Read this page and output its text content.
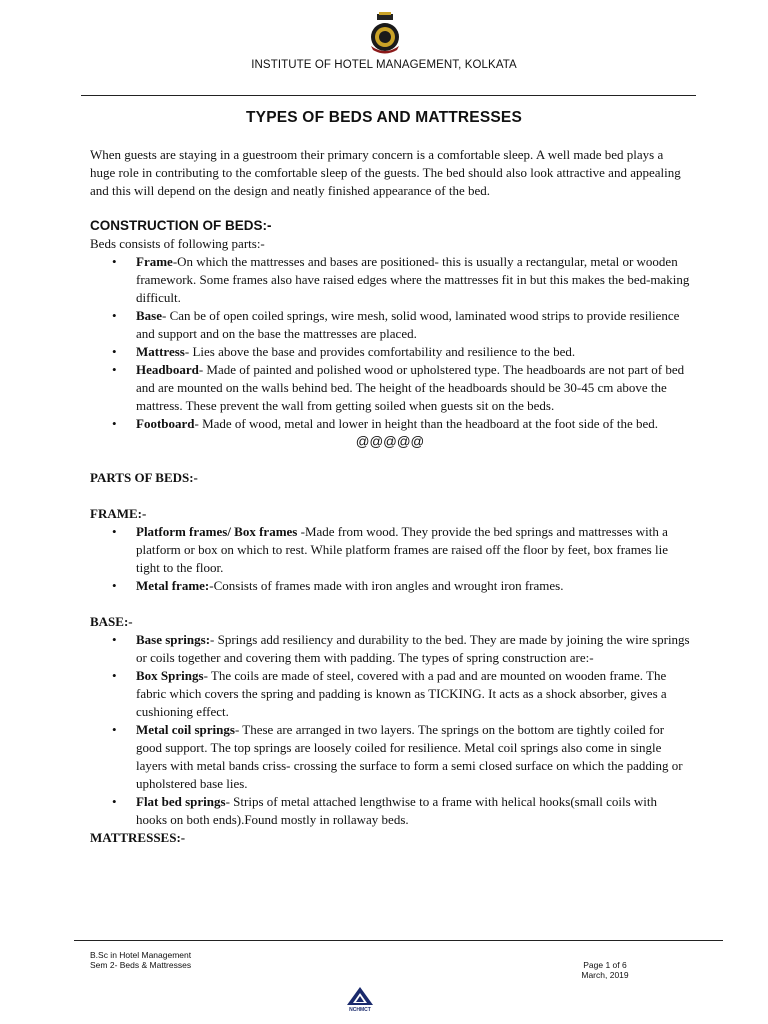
INSTITUTE OF HOTEL MANAGEMENT, KOLKATA
TYPES OF BEDS AND MATTRESSES

When guests are staying in a guestroom their primary concern is a comfortable sleep. A well made bed plays a huge role in contributing to the comfortable sleep of the guests. The bed should also look attractive and appealing and this will depend on the design and neatly finished appearance of the bed.

CONSTRUCTION OF BEDS:-

Beds consists of following parts:-

• Frame-On which the mattresses and bases are positioned- this is usually a rectangular, metal or wooden framework. Some frames also have raised edges where the mattresses fit in but this makes the bed-making difficult.
• Base- Can be of open coiled springs, wire mesh, solid wood, laminated wood strips to provide resilience and support and on the base the mattresses are placed.
• Mattress- Lies above the base and provides comfortability and resilience to the bed.
• Headboard- Made of painted and polished wood or upholstered type. The headboards are not part of bed and are mounted on the walls behind bed. The height of the headboards should be 30-45 cm above the mattress. These prevent the wall from getting soiled when guests sit on the beds.
• Footboard- Made of wood, metal and lower in height than the headboard at the foot side of the bed.

@@@@@

PARTS OF BEDS:-

FRAME:-

• Platform frames/ Box frames -Made from wood. They provide the bed springs and mattresses with a platform or box on which to rest. While platform frames are raised off the floor by feet, box frames lie tight to the floor.
• Metal frame:-Consists of frames made with iron angles and wrought iron frames.

BASE:-

• Base springs:- Springs add resiliency and durability to the bed. They are made by joining the wire springs or coils together and covering them with padding. The types of spring construction are:-
• Box Springs- The coils are made of steel, covered with a pad and are mounted on wooden frame. The fabric which covers the spring and padding is known as TICKING. It acts as a shock absorber, gives a cushioning effect.
• Metal coil springs- These are arranged in two layers. The springs on the bottom are tightly coiled for good support. The top springs are loosely coiled for resilience. Metal coil springs also come in single layers with metal bands criss- crossing the surface to form a semi closed surface on which the padding or upholstered base lies.
• Flat bed springs- Strips of metal attached lengthwise to a frame with helical hooks(small coils with hooks on both ends).Found mostly in rollaway beds.

MATTRESSES:-

B.Sc in Hotel Management
Sem 2- Beds & Mattresses	Page 1 of 6
March, 2019
NCHMCT
